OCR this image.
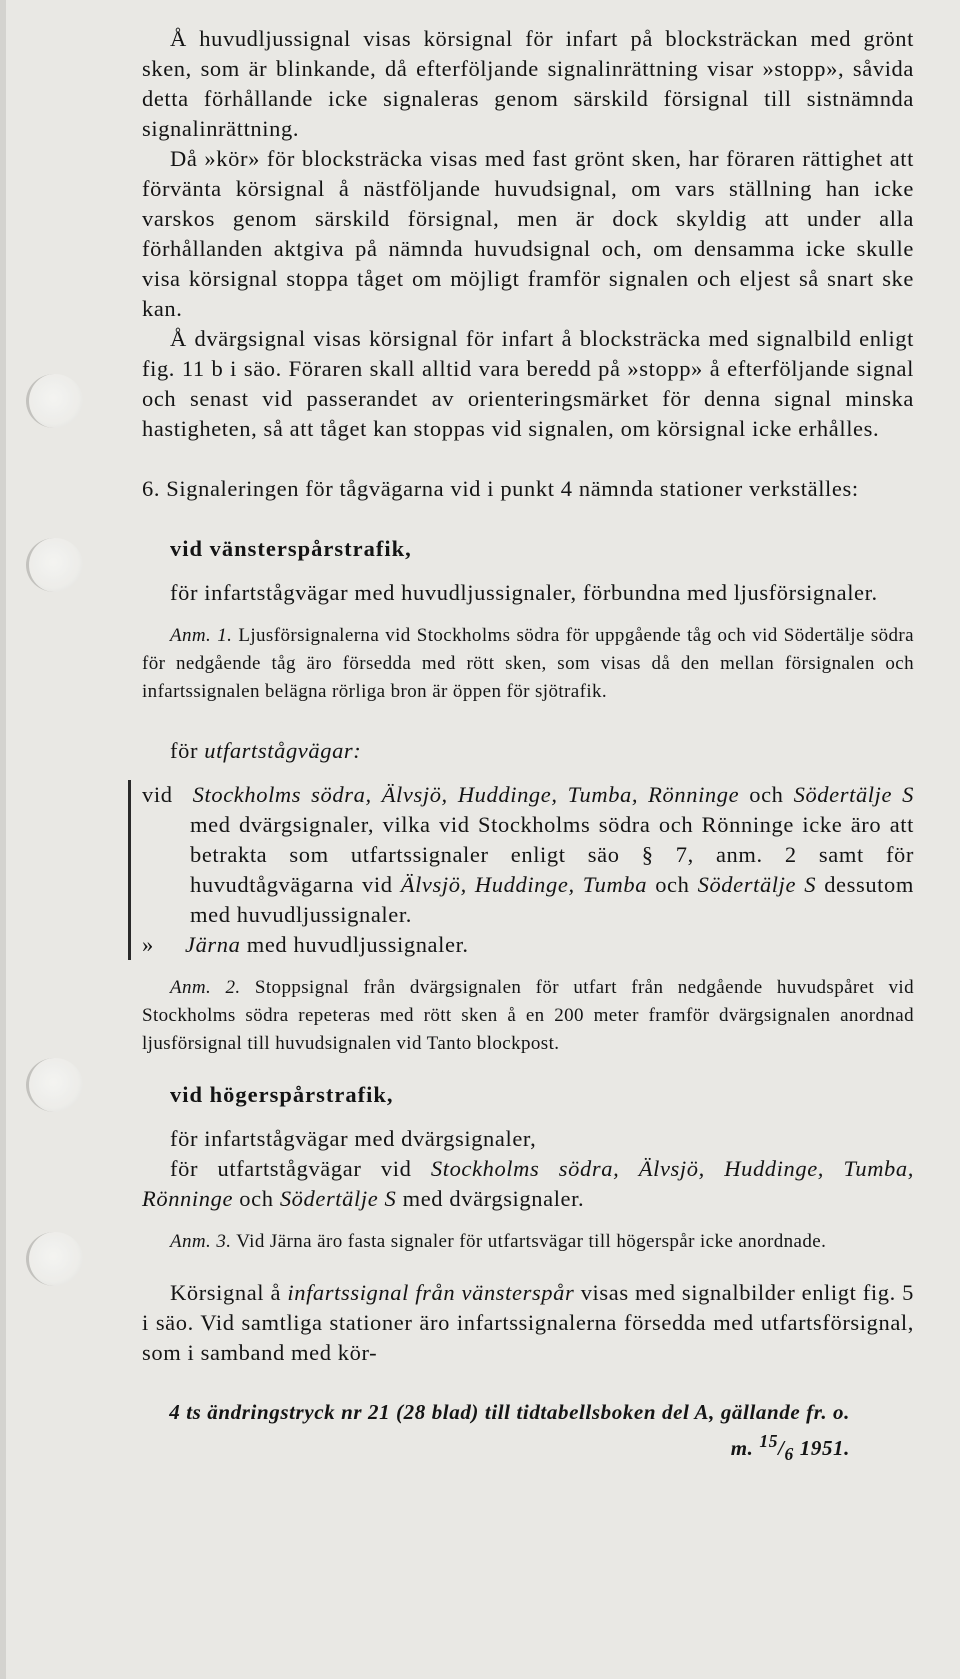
Å huvudljussignal visas körsignal för infart på blocksträckan med grönt sken, som är blinkande, då efterföljande signalinrättning visar »stopp», såvida detta förhållande icke signaleras genom särskild försignal till sistnämnda signalinrättning.

Då »kör» för blocksträcka visas med fast grönt sken, har föraren rättighet att förvänta körsignal å nästföljande huvudsignal, om vars ställning han icke varskos genom särskild försignal, men är dock skyldig att under alla förhållanden aktgiva på nämnda huvudsignal och, om densamma icke skulle visa körsignal stoppa tåget om möjligt framför signalen och eljest så snart ske kan.

Å dvärgsignal visas körsignal för infart å blocksträcka med signalbild enligt fig. 11 b i säo. Föraren skall alltid vara beredd på »stopp» å efterföljande signal och senast vid passerandet av orienteringsmärket för denna signal minska hastigheten, så att tåget kan stoppas vid signalen, om körsignal icke erhålles.

6. Signaleringen för tågvägarna vid i punkt 4 nämnda stationer verkställes:

vid vänsterspårstrafik,

för infartstågvägar med huvudljussignaler, förbundna med ljusförsignaler.

Anm. 1. Ljusförsignalerna vid Stockholms södra för uppgående tåg och vid Södertälje södra för nedgående tåg äro försedda med rött sken, som visas då den mellan försignalen och infartssignalen belägna rörliga bron är öppen för sjötrafik.

för utfartstågvägar:

vid Stockholms södra, Älvsjö, Huddinge, Tumba, Rönninge och Södertälje S med dvärgsignaler, vilka vid Stockholms södra och Rönninge icke äro att betrakta som utfartssignaler enligt säo § 7, anm. 2 samt för huvudtågvägarna vid Älvsjö, Huddinge, Tumba och Södertälje S dessutom med huvudljussignaler.

» Järna med huvudljussignaler.

Anm. 2. Stoppsignal från dvärgsignalen för utfart från nedgående huvudspåret vid Stockholms södra repeteras med rött sken å en 200 meter framför dvärgsignalen anordnad ljusförsignal till huvudsignalen vid Tanto blockpost.

vid högerspårstrafik,

för infartstågvägar med dvärgsignaler,

för utfartstågvägar vid Stockholms södra, Älvsjö, Huddinge, Tumba, Rönninge och Södertälje S med dvärgsignaler.

Anm. 3. Vid Järna äro fasta signaler för utfartsvägar till högerspår icke anordnade.

Körsignal å infartssignal från vänsterspår visas med signalbilder enligt fig. 5 i säo. Vid samtliga stationer äro infartssignalerna försedda med utfartsförsignal, som i samband med kör-

4 ts ändringstryck nr 21 (28 blad) till tidtabellsboken del A, gällande fr. o. m. $^{15}/_6$ 1951.
